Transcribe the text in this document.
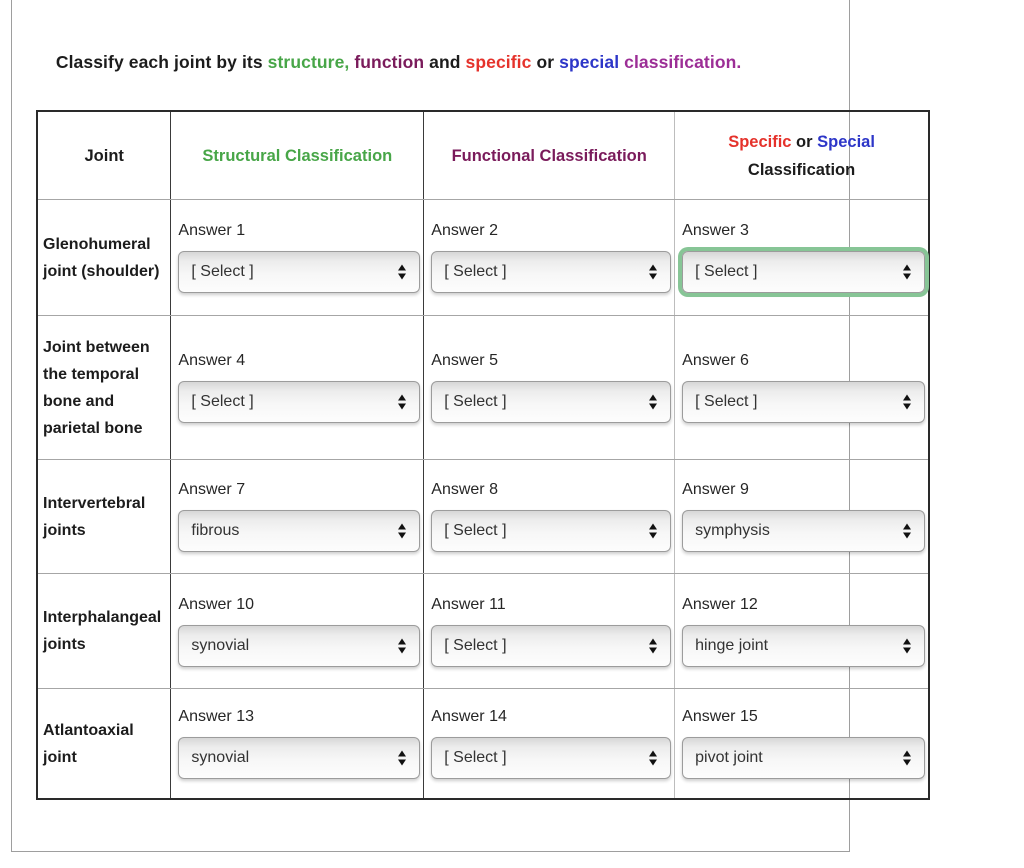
Classify each joint by its structure, function and specific or special classification.

Joint	Structural Classification	Functional Classification
Specific or Special
Classification
Glenohumeral joint (shoulder)
Answer 1
[ Select ]
Answer 2
[ Select ]
Answer 3
[ Select ]
Joint between the temporal bone and parietal bone
Answer 4
[ Select ]
Answer 5
[ Select ]
Answer 6
[ Select ]
Intervertebral joints
Answer 7
fibrous
Answer 8
[ Select ]
Answer 9
symphysis
Interphalangeal joints
Answer 10
synovial
Answer 11
[ Select ]
Answer 12
hinge joint
Atlantoaxial joint
Answer 13
synovial
Answer 14
[ Select ]
Answer 15
pivot joint
